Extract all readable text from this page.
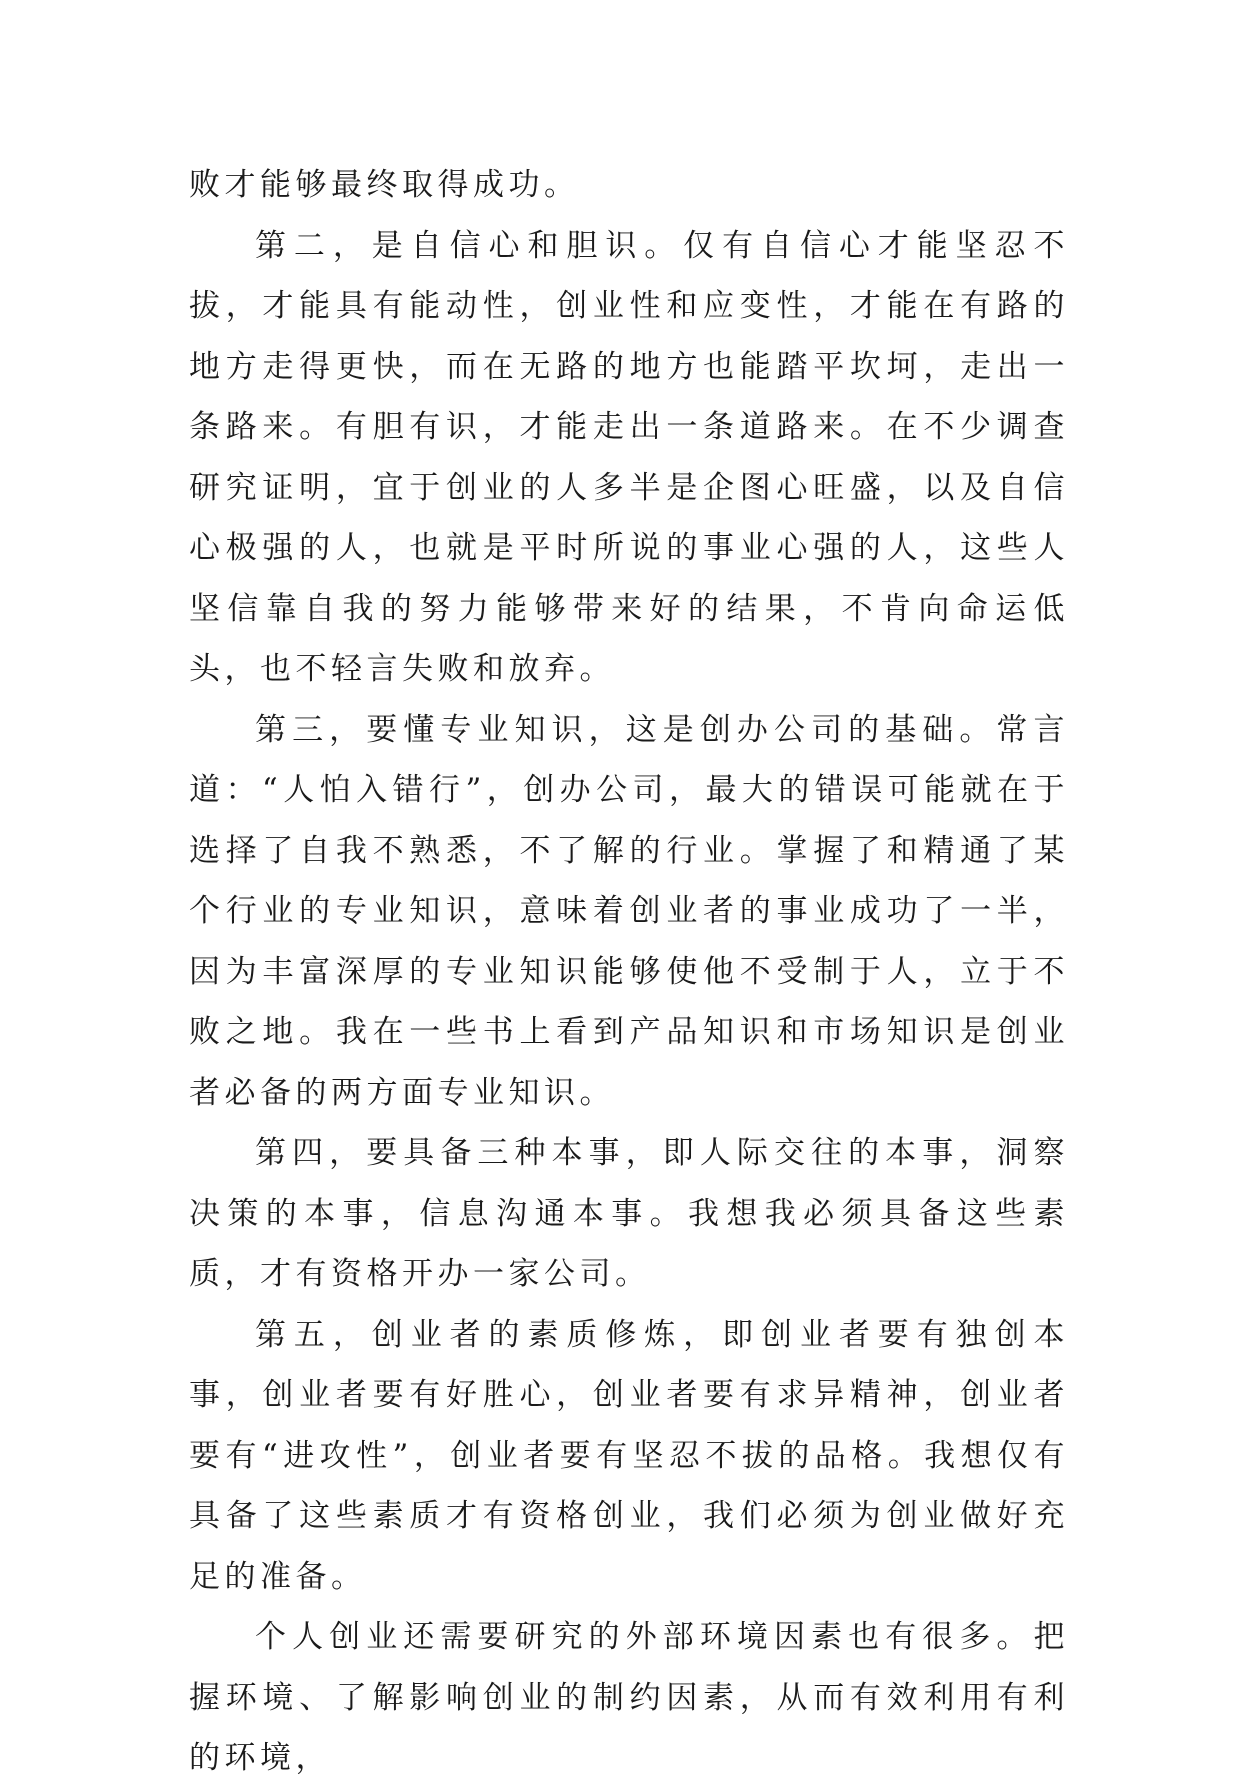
败才能够最终取得成功。

第二，是自信心和胆识。仅有自信心才能坚忍不拔，才能具有能动性，创业性和应变性，才能在有路的地方走得更快，而在无路的地方也能踏平坎坷，走出一条路来。有胆有识，才能走出一条道路来。在不少调查研究证明，宜于创业的人多半是企图心旺盛，以及自信心极强的人，也就是平时所说的事业心强的人，这些人坚信靠自我的努力能够带来好的结果，不肯向命运低头，也不轻言失败和放弃。

第三，要懂专业知识，这是创办公司的基础。常言道：“人怕入错行”，创办公司，最大的错误可能就在于选择了自我不熟悉，不了解的行业。掌握了和精通了某个行业的专业知识，意味着创业者的事业成功了一半，因为丰富深厚的专业知识能够使他不受制于人，立于不败之地。我在一些书上看到产品知识和市场知识是创业者必备的两方面专业知识。

第四，要具备三种本事，即人际交往的本事，洞察决策的本事，信息沟通本事。我想我必须具备这些素质，才有资格开办一家公司。

第五，创业者的素质修炼，即创业者要有独创本事，创业者要有好胜心，创业者要有求异精神，创业者要有“进攻性”，创业者要有坚忍不拔的品格。我想仅有具备了这些素质才有资格创业，我们必须为创业做好充足的准备。

个人创业还需要研究的外部环境因素也有很多。把握环境、了解影响创业的制约因素，从而有效利用有利的环境，
